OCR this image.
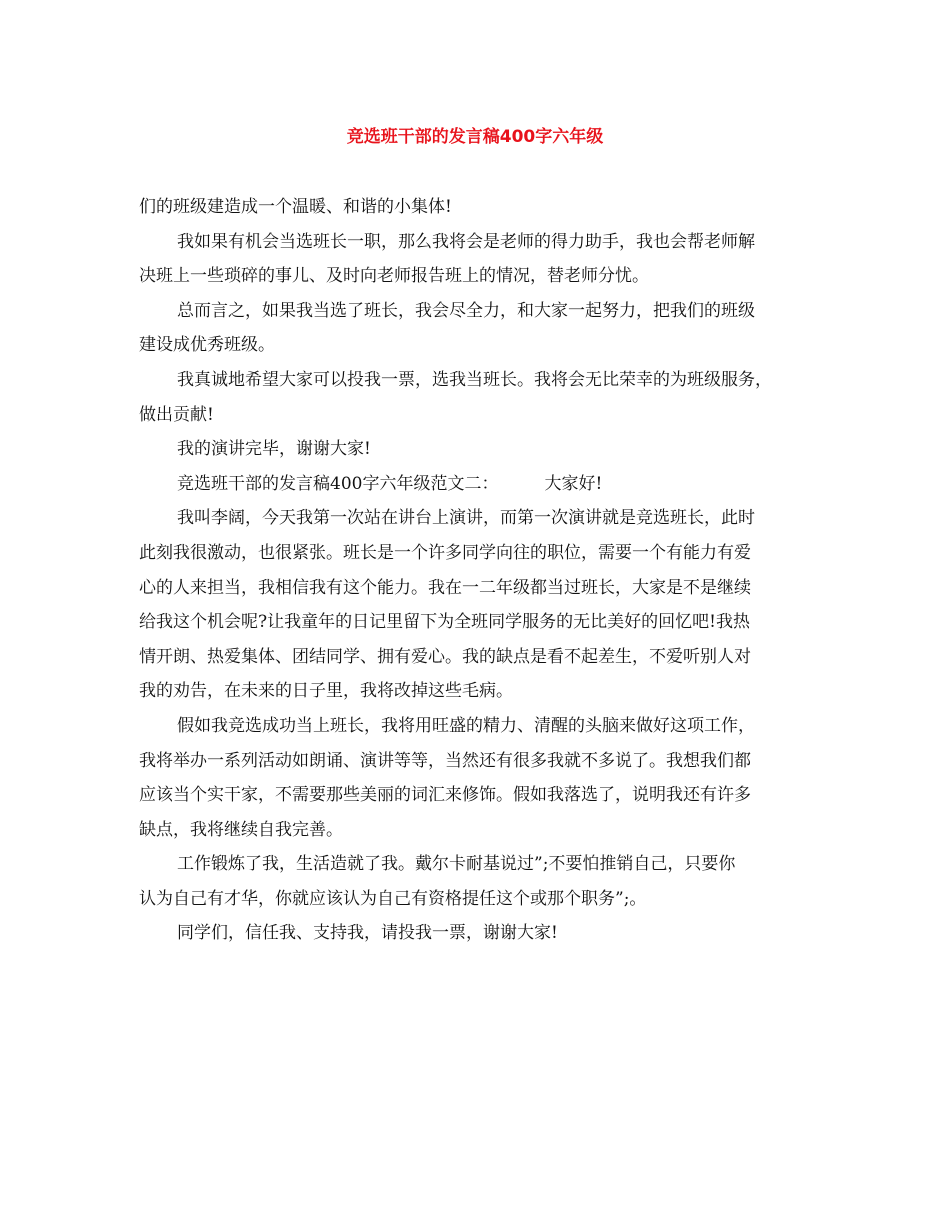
竞选班干部的发言稿400字六年级
们的班级建造成一个温暖、和谐的小集体!
我如果有机会当选班长一职，那么我将会是老师的得力助手，我也会帮老师解
决班上一些琐碎的事儿、及时向老师报告班上的情况，替老师分忧。
总而言之，如果我当选了班长，我会尽全力，和大家一起努力，把我们的班级
建设成优秀班级。
我真诚地希望大家可以投我一票，选我当班长。我将会无比荣幸的为班级服务，
做出贡献!
我的演讲完毕，谢谢大家!
竞选班干部的发言稿400字六年级范文二：	大家好!
我叫李阔，今天我第一次站在讲台上演讲，而第一次演讲就是竞选班长，此时
此刻我很激动，也很紧张。班长是一个许多同学向往的职位，需要一个有能力有爱
心的人来担当，我相信我有这个能力。我在一二年级都当过班长，大家是不是继续
给我这个机会呢?让我童年的日记里留下为全班同学服务的无比美好的回忆吧!我热
情开朗、热爱集体、团结同学、拥有爱心。我的缺点是看不起差生，不爱听别人对
我的劝告，在未来的日子里，我将改掉这些毛病。
假如我竞选成功当上班长，我将用旺盛的精力、清醒的头脑来做好这项工作，
我将举办一系列活动如朗诵、演讲等等，当然还有很多我就不多说了。我想我们都
应该当个实干家，不需要那些美丽的词汇来修饰。假如我落选了，说明我还有许多
缺点，我将继续自我完善。
工作锻炼了我，生活造就了我。戴尔卡耐基说过”;不要怕推销自己，只要你
认为自己有才华，你就应该认为自己有资格提任这个或那个职务”;。
同学们，信任我、支持我，请投我一票，谢谢大家!
